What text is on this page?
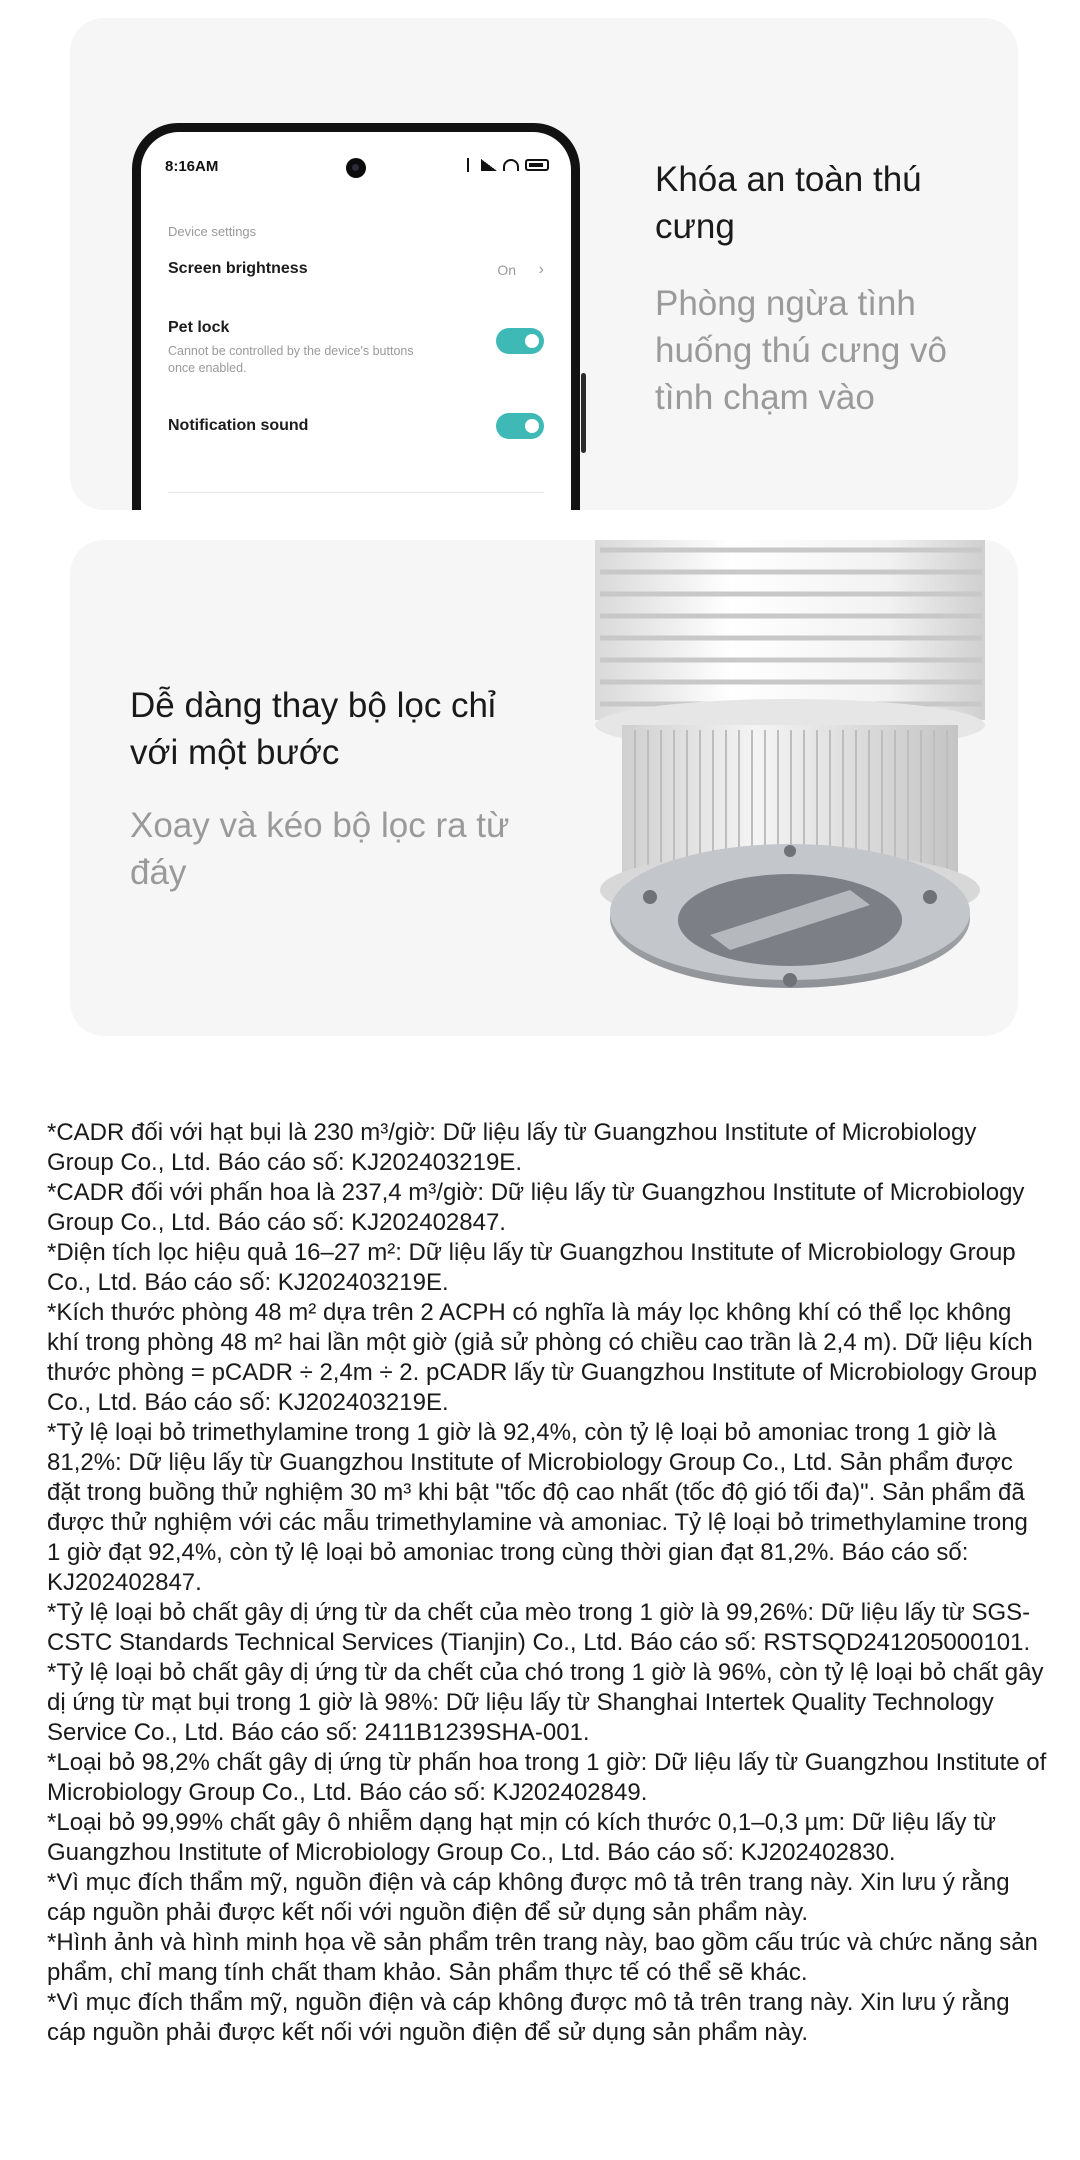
8:16AM
Device settings
Screen brightness	On ›
Pet lock
Cannot be controlled by the device's buttons once enabled.
Notification sound
Khóa an toàn thú cưng
Phòng ngừa tình huống thú cưng vô tình chạm vào
Dễ dàng thay bộ lọc chỉ với một bước
Xoay và kéo bộ lọc ra từ đáy

*CADR đối với hạt bụi là 230 m³/giờ: Dữ liệu lấy từ Guangzhou Institute of Microbiology Group Co., Ltd. Báo cáo số: KJ202403219E.

*CADR đối với phấn hoa là 237,4 m³/giờ: Dữ liệu lấy từ Guangzhou Institute of Microbiology Group Co., Ltd. Báo cáo số: KJ202402847.

*Diện tích lọc hiệu quả 16–27 m²: Dữ liệu lấy từ Guangzhou Institute of Microbiology Group Co., Ltd. Báo cáo số: KJ202403219E.

*Kích thước phòng 48 m² dựa trên 2 ACPH có nghĩa là máy lọc không khí có thể lọc không khí trong phòng 48 m² hai lần một giờ (giả sử phòng có chiều cao trần là 2,4 m). Dữ liệu kích thước phòng = pCADR ÷ 2,4m ÷ 2. pCADR lấy từ Guangzhou Institute of Microbiology Group Co., Ltd. Báo cáo số: KJ202403219E.

*Tỷ lệ loại bỏ trimethylamine trong 1 giờ là 92,4%, còn tỷ lệ loại bỏ amoniac trong 1 giờ là 81,2%: Dữ liệu lấy từ Guangzhou Institute of Microbiology Group Co., Ltd. Sản phẩm được đặt trong buồng thử nghiệm 30 m³ khi bật "tốc độ cao nhất (tốc độ gió tối đa)". Sản phẩm đã được thử nghiệm với các mẫu trimethylamine và amoniac. Tỷ lệ loại bỏ trimethylamine trong 1 giờ đạt 92,4%, còn tỷ lệ loại bỏ amoniac trong cùng thời gian đạt 81,2%. Báo cáo số: KJ202402847.

*Tỷ lệ loại bỏ chất gây dị ứng từ da chết của mèo trong 1 giờ là 99,26%: Dữ liệu lấy từ SGS-CSTC Standards Technical Services (Tianjin) Co., Ltd. Báo cáo số: RSTSQD241205000101.

*Tỷ lệ loại bỏ chất gây dị ứng từ da chết của chó trong 1 giờ là 96%, còn tỷ lệ loại bỏ chất gây dị ứng từ mạt bụi trong 1 giờ là 98%: Dữ liệu lấy từ Shanghai Intertek Quality Technology Service Co., Ltd. Báo cáo số: 2411B1239SHA-001.

*Loại bỏ 98,2% chất gây dị ứng từ phấn hoa trong 1 giờ: Dữ liệu lấy từ Guangzhou Institute of Microbiology Group Co., Ltd. Báo cáo số: KJ202402849.

*Loại bỏ 99,99% chất gây ô nhiễm dạng hạt mịn có kích thước 0,1–0,3 µm: Dữ liệu lấy từ Guangzhou Institute of Microbiology Group Co., Ltd. Báo cáo số: KJ202402830.

*Vì mục đích thẩm mỹ, nguồn điện và cáp không được mô tả trên trang này. Xin lưu ý rằng cáp nguồn phải được kết nối với nguồn điện để sử dụng sản phẩm này.

*Hình ảnh và hình minh họa về sản phẩm trên trang này, bao gồm cấu trúc và chức năng sản phẩm, chỉ mang tính chất tham khảo. Sản phẩm thực tế có thể sẽ khác.

*Vì mục đích thẩm mỹ, nguồn điện và cáp không được mô tả trên trang này. Xin lưu ý rằng cáp nguồn phải được kết nối với nguồn điện để sử dụng sản phẩm này.
